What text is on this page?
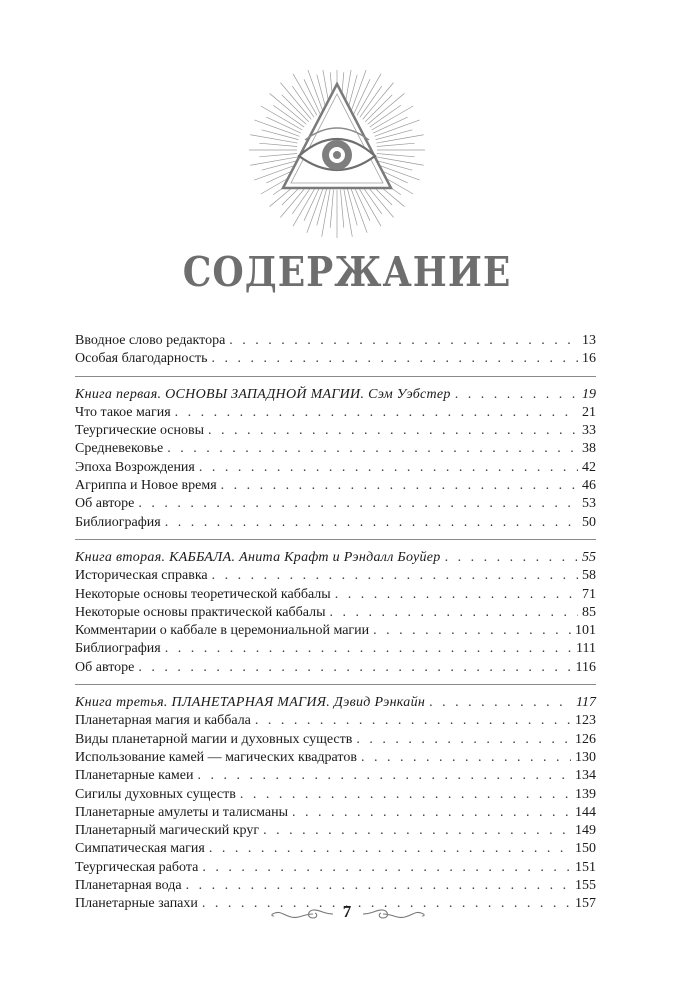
СОДЕРЖАНИЕ
Вводное слово редактора . . .	13
Особая благодарность . . .	16
Книга первая. ОСНОВЫ ЗАПАДНОЙ МАГИИ. Сэм Уэбстер . . .	19
Что такое магия . . .	21
Теургические основы . . .	33
Средневековье . . .	38
Эпоха Возрождения . . .	42
Агриппа и Новое время . . .	46
Об авторе . . .	53
Библиография . . .	50
Книга вторая. КАББАЛА. Анита Крафт и Рэндалл Боуйер . . .	55
Историческая справка . . .	58
Некоторые основы теоретической каббалы . . .	71
Некоторые основы практической каббалы . . .	85
Комментарии о каббале в церемониальной магии . . .	101
Библиография . . .	111
Об авторе . . .	116
Книга третья. ПЛАНЕТАРНАЯ МАГИЯ. Дэвид Рэнкайн . . .	117
Планетарная магия и каббала . . .	123
Виды планетарной магии и духовных существ . . .	126
Использование камей — магических квадратов . . .	130
Планетарные камеи . . .	134
Сигилы духовных существ . . .	139
Планетарные амулеты и талисманы . . .	144
Планетарный магический круг . . .	149
Симпатическая магия . . .	150
Теургическая работа . . .	151
Планетарная вода . . .	155
Планетарные запахи . . .	157
7
